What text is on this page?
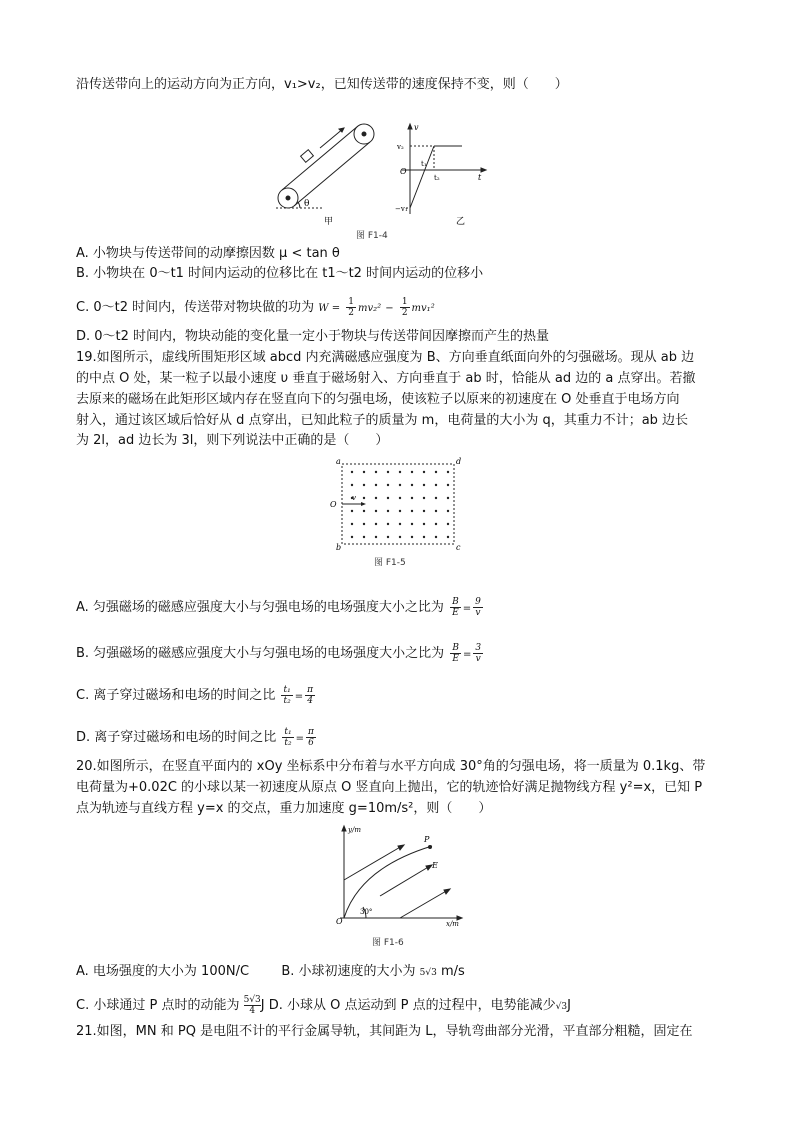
沿传送带向上的运动方向为正方向，v₁>v₂，已知传送带的速度保持不变，则（　　）
θ
甲
v
t
O
v₂
−v₁
t₁
t₂
乙
图 F1-4
A. 小物块与传送带间的动摩擦因数 μ < tan θ
B. 小物块在 0～t1 时间内运动的位移比在 t1～t2 时间内运动的位移小
C. 0～t2 时间内，传送带对物块做的功为 $W = \frac{1}{2} mv_2^2 - \frac{1}{2} mv_1^2$
D. 0～t2 时间内，物块动能的变化量一定小于物块与传送带间因摩擦而产生的热量
19.如图所示，虚线所围矩形区域 abcd 内充满磁感应强度为 B、方向垂直纸面向外的匀强磁场。现从 ab 边
的中点 O 处，某一粒子以最小速度 υ 垂直于磁场射入、方向垂直于 ab 时，恰能从 ad 边的 a 点穿出。若撤
去原来的磁场在此矩形区域内存在竖直向下的匀强电场，使该粒子以原来的初速度在 O 处垂直于电场方向
射入，通过该区域后恰好从 d 点穿出，已知此粒子的质量为 m，电荷量的大小为 q，其重力不计；ab 边长
为 2l，ad 边长为 3l，则下列说法中正确的是（　　）
a
b	c
d
O
v
图 F1-5
A. 匀强磁场的磁感应强度大小与匀强电场的电场强度大小之比为 $\frac{B}{E} = \frac{9}{v}$
B. 匀强磁场的磁感应强度大小与匀强电场的电场强度大小之比为 $\frac{B}{E} = \frac{3}{v}$
C. 离子穿过磁场和电场的时间之比 $\frac{\text{t₁}}{\text{t₂}} = \frac{\pi}{4}$
D. 离子穿过磁场和电场的时间之比 $\frac{\text{t₁}}{\text{t₂}} = \frac{\pi}{6}$
20.如图所示，在竖直平面内的 xOy 坐标系中分布着与水平方向成 30°角的匀强电场，将一质量为 0.1kg、带
电荷量为+0.02C 的小球以某一初速度从原点 O 竖直向上抛出，它的轨迹恰好满足抛物线方程 y²=x，已知 P
点为轨迹与直线方程 y=x 的交点，重力加速度 g=10m/s²，则（　　）
y/m
x/m
O
P
E
30°
图 F1-6
A. 电场强度的大小为 100N/C B. 小球初速度的大小为 5√3 m/s
C. 小球通过 P 点时的动能为 $\frac{5√3}{4}J$ D. 小球从 O 点运动到 P 点的过程中，电势能减少√3J
21.如图，MN 和 PQ 是电阻不计的平行金属导轨，其间距为 L，导轨弯曲部分光滑，平直部分粗糙，固定在
